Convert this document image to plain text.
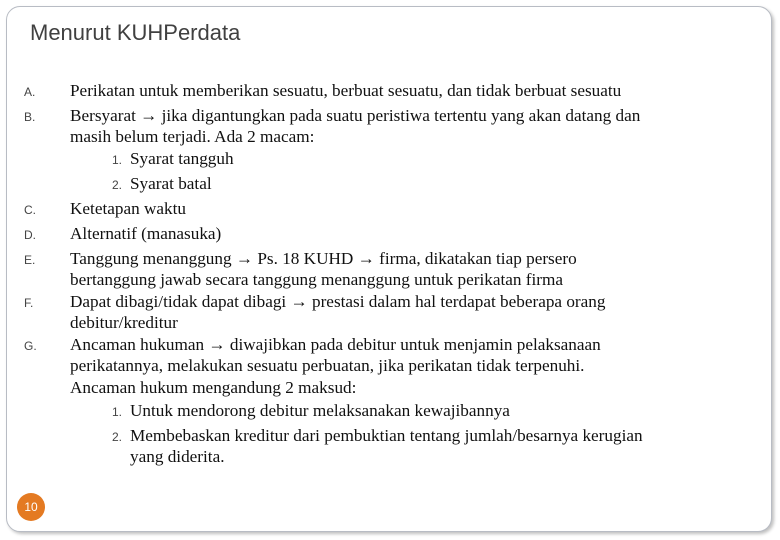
Menurut KUHPerdata
A.	Perikatan untuk memberikan sesuatu, berbuat sesuatu, dan tidak berbuat sesuatu

B.	Bersyarat → jika digantungkan pada suatu peristiwa tertentu yang akan datang dan

masih belum terjadi. Ada 2 macam:

1. Syarat tangguh
2. Syarat batal
C.	Ketetapan waktu

D.	Alternatif (manasuka)

E.	Tanggung menanggung → Ps. 18 KUHD → firma, dikatakan tiap persero

bertanggung jawab secara tanggung menanggung untuk perikatan firma

F.	Dapat dibagi/tidak dapat dibagi → prestasi dalam hal terdapat beberapa orang

debitur/kreditur

G.	Ancaman hukuman → diwajibkan pada debitur untuk menjamin pelaksanaan

perikatannya, melakukan sesuatu perbuatan, jika perikatan tidak terpenuhi.

Ancaman hukum mengandung 2 maksud:

1. Untuk mendorong debitur melaksanakan kewajibannya
2. Membebaskan kreditur dari pembuktian tentang jumlah/besarnya kerugian

yang diderita.

10
